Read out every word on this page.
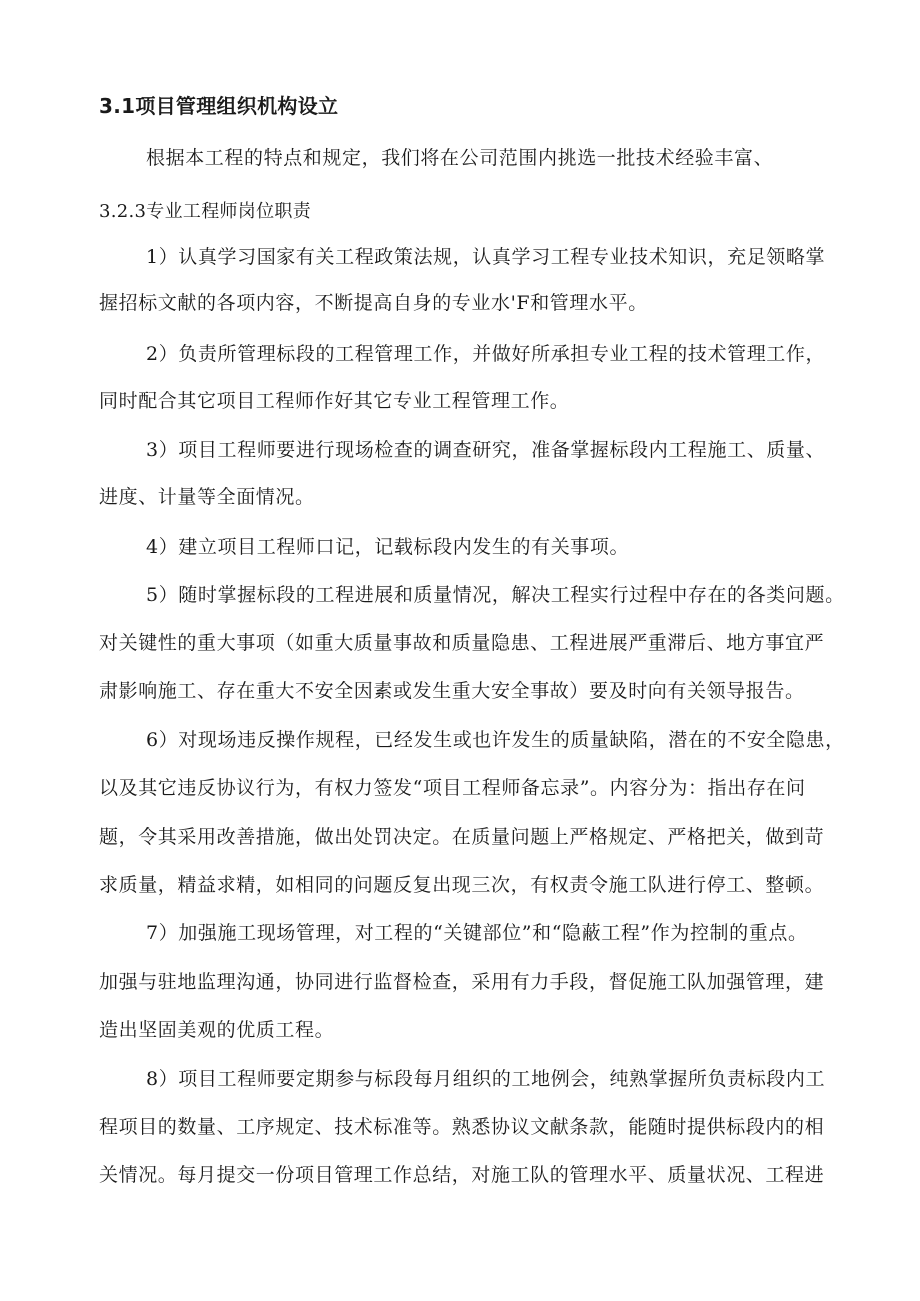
3.1项目管理组织机构设立
根据本工程的特点和规定，我们将在公司范围内挑选一批技术经验丰富、
3.2.3专业工程师岗位职责
1）认真学习国家有关工程政策法规，认真学习工程专业技术知识，充足领略掌
握招标文献的各项内容，不断提高自身的专业水'F和管理水平。
2）负责所管理标段的工程管理工作，并做好所承担专业工程的技术管理工作，
同时配合其它项目工程师作好其它专业工程管理工作。
3）项目工程师要进行现场检查的调查研究，准备掌握标段内工程施工、质量、
进度、计量等全面情况。
4）建立项目工程师口记，记载标段内发生的有关事项。
5）随时掌握标段的工程进展和质量情况，解决工程实行过程中存在的各类问题。
对关键性的重大事项（如重大质量事故和质量隐患、工程进展严重滞后、地方事宜严
肃影响施工、存在重大不安全因素或发生重大安全事故）要及时向有关领导报告。
6）对现场违反操作规程，已经发生或也许发生的质量缺陷，潜在的不安全隐患，
以及其它违反协议行为，有权力签发“项目工程师备忘录”。内容分为：指出存在问
题，令其采用改善措施，做出处罚决定。在质量问题上严格规定、严格把关，做到苛
求质量，精益求精，如相同的问题反复出现三次，有权责令施工队进行停工、整顿。
7）加强施工现场管理，对工程的“关键部位”和“隐蔽工程”作为控制的重点。
加强与驻地监理沟通，协同进行监督检查，采用有力手段，督促施工队加强管理，建
造出坚固美观的优质工程。
8）项目工程师要定期参与标段每月组织的工地例会，纯熟掌握所负责标段内工
程项目的数量、工序规定、技术标准等。熟悉协议文献条款，能随时提供标段内的相
关情况。每月提交一份项目管理工作总结，对施工队的管理水平、质量状况、工程进
